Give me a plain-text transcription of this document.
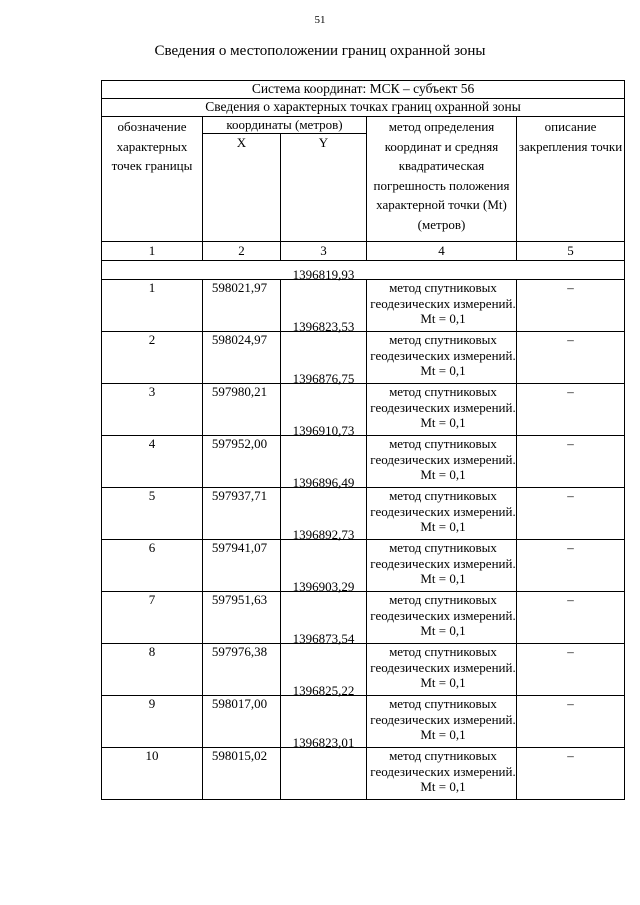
51
Сведения о местоположении границ охранной зоны
Система координат: МСК – субъект 56				
Сведения о характерных точках границ охранной зоны				
обозначение характерных точек границы	координаты (метров)		метод определения координат и средняя квадратическая погрешность положения характерной точки (Mt) (метров)	описание закрепления точки
	X	Y		
1	2	3	4	5

1	598021,97	1396819,93	метод спутниковых геодезических измерений. Mt = 0,1	–
2	598024,97	1396823,53	метод спутниковых геодезических измерений. Mt = 0,1	–
3	597980,21	1396876,75	метод спутниковых геодезических измерений. Mt = 0,1	–
4	597952,00	1396910,73	метод спутниковых геодезических измерений. Mt = 0,1	–
5	597937,71	1396896,49	метод спутниковых геодезических измерений. Mt = 0,1	–
6	597941,07	1396892,73	метод спутниковых геодезических измерений. Mt = 0,1	–
7	597951,63	1396903,29	метод спутниковых геодезических измерений. Mt = 0,1	–
8	597976,38	1396873,54	метод спутниковых геодезических измерений. Mt = 0,1	–
9	598017,00	1396825,22	метод спутниковых геодезических измерений. Mt = 0,1	–
10	598015,02	1396823,01	метод спутниковых геодезических измерений. Mt = 0,1	–
